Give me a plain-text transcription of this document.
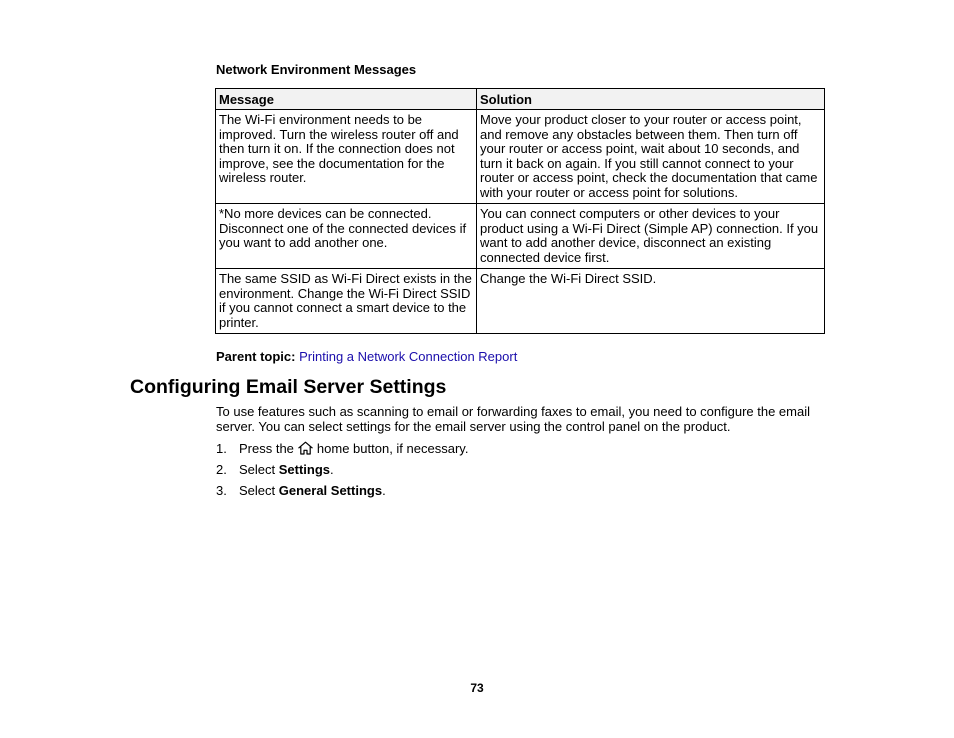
Network Environment Messages
Message	Solution
The Wi-Fi environment needs to be improved. Turn the wireless router off and then turn it on. If the connection does not improve, see the documentation for the wireless router.	Move your product closer to your router or access point, and remove any obstacles between them. Then turn off your router or access point, wait about 10 seconds, and turn it back on again. If you still cannot connect to your router or access point, check the documentation that came with your router or access point for solutions.
*No more devices can be connected. Disconnect one of the connected devices if you want to add another one.	You can connect computers or other devices to your product using a Wi-Fi Direct (Simple AP) connection. If you want to add another device, disconnect an existing connected device first.
The same SSID as Wi-Fi Direct exists in the environment. Change the Wi-Fi Direct SSID if you cannot connect a smart device to the printer.	Change the Wi-Fi Direct SSID.
Parent topic: Printing a Network Connection Report
Configuring Email Server Settings

To use features such as scanning to email or forwarding faxes to email, you need to configure the email server. You can select settings for the email server using the control panel on the product.

1. Press the home button, if necessary.
2. Select Settings.
3. Select General Settings.
73
